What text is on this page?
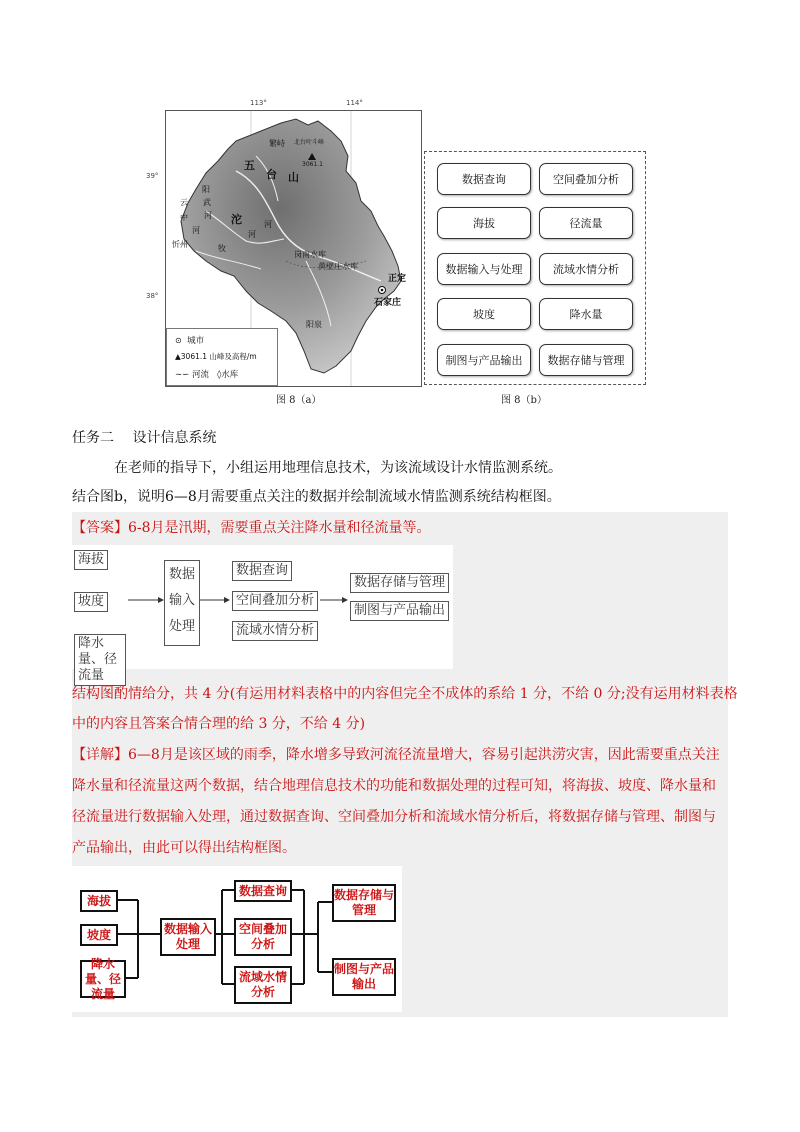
113°	114°
39°
38°
繁峙 北台叶斗峰
3061.1
五
台 山
沱	河
阳
武
河
云
中
河
忻州	牧
河
岗南水库
黄壁庄水库
正定
石家庄
阳泉
⊙ 城市
▲3061.1 山峰及高程/m
∼∽ 河流 ◊水库
图 8（a）
数据查询	空间叠加分析
海拔	径流量
数据输入与处理	流域水情分析
坡度	降水量
制图与产品输出	数据存储与管理
图 8（b）
任务二　 设计信息系统
在老师的指导下，小组运用地理信息技术，为该流域设计水情监测系统。
结合图b，说明6—8月需要重点关注的数据并绘制流域水情监测系统结构框图。
【答案】6-8月是汛期，需要重点关注降水量和径流量等。
海拔
坡度
降水量、径流量
数据
输入
处理
数据查询
空间叠加分析
流域水情分析
数据存储与管理
制图与产品输出
结构图酌情给分，共 4 分(有运用材料表格中的内容但完全不成体的系给 1 分，不给 0 分;没有运用材料表格
中的内容且答案合情合理的给 3 分，不给 4 分)
【详解】6—8月是该区域的雨季，降水增多导致河流径流量增大，容易引起洪涝灾害，因此需要重点关注
降水量和径流量这两个数据，结合地理信息技术的功能和数据处理的过程可知，将海拔、坡度、降水量和
径流量进行数据输入处理，通过数据查询、空间叠加分析和流域水情分析后，将数据存储与管理、制图与
产品输出，由此可以得出结构框图。
海拔
坡度
降水量、径流量
数据输入处理
数据查询
空间叠加分析
流域水情分析
数据存储与管理
制图与产品输出
